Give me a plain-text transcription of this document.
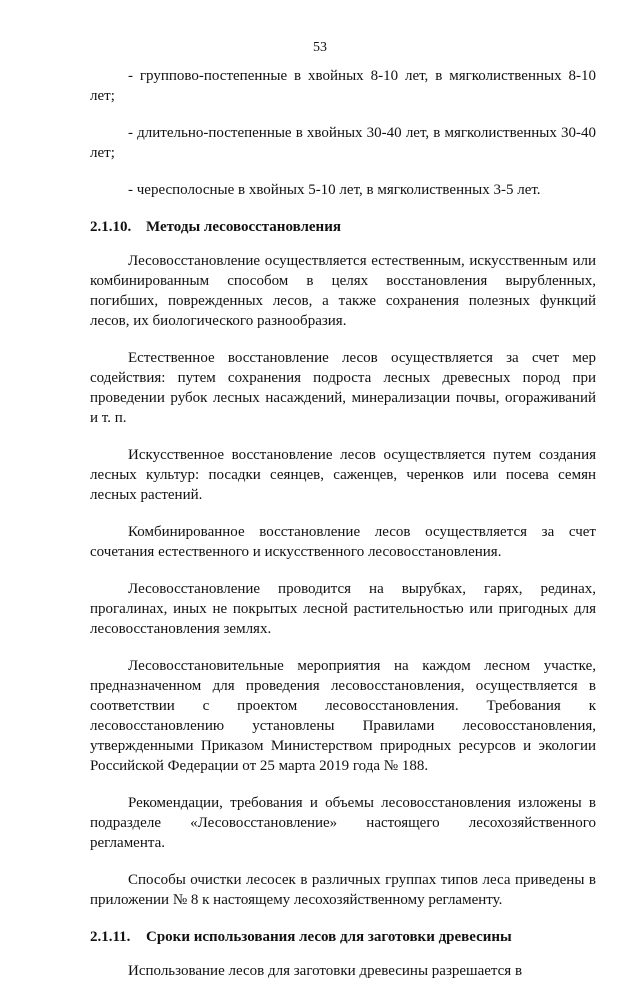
53

- группово-постепенные в хвойных 8-10 лет, в мягколиственных 8-10 лет;

- длительно-постепенные в хвойных 30-40 лет, в мягколиственных 30-40 лет;

- чересполосные в хвойных 5-10 лет, в мягколиственных 3-5 лет.

2.1.10. Методы лесовосстановления

Лесовосстановление осуществляется естественным, искусственным или комбинированным способом в целях восстановления вырубленных, погибших, поврежденных лесов, а также сохранения полезных функций лесов, их биологического разнообразия.

Естественное восстановление лесов осуществляется за счет мер содействия: путем сохранения подроста лесных древесных пород при проведении рубок лесных насаждений, минерализации почвы, огораживаний и т. п.

Искусственное восстановление лесов осуществляется путем создания лесных культур: посадки сеянцев, саженцев, черенков или посева семян лесных растений.

Комбинированное восстановление лесов осуществляется за счет сочетания естественного и искусственного лесовосстановления.

Лесовосстановление проводится на вырубках, гарях, рединах, прогалинах, иных не покрытых лесной растительностью или пригодных для лесовосстановления землях.

Лесовосстановительные мероприятия на каждом лесном участке, предназначенном для проведения лесовосстановления, осуществляется в соответствии с проектом лесовосстановления. Требования к лесовосстановлению установлены Правилами лесовосстановления, утвержденными Приказом Министерством природных ресурсов и экологии Российской Федерации от 25 марта 2019 года № 188.

Рекомендации, требования и объемы лесовосстановления изложены в подразделе «Лесовосстановление» настоящего лесохозяйственного регламента.

Способы очистки лесосек в различных группах типов леса приведены в приложении № 8 к настоящему лесохозяйственному регламенту.

2.1.11. Сроки использования лесов для заготовки древесины

Использование лесов для заготовки древесины разрешается в
